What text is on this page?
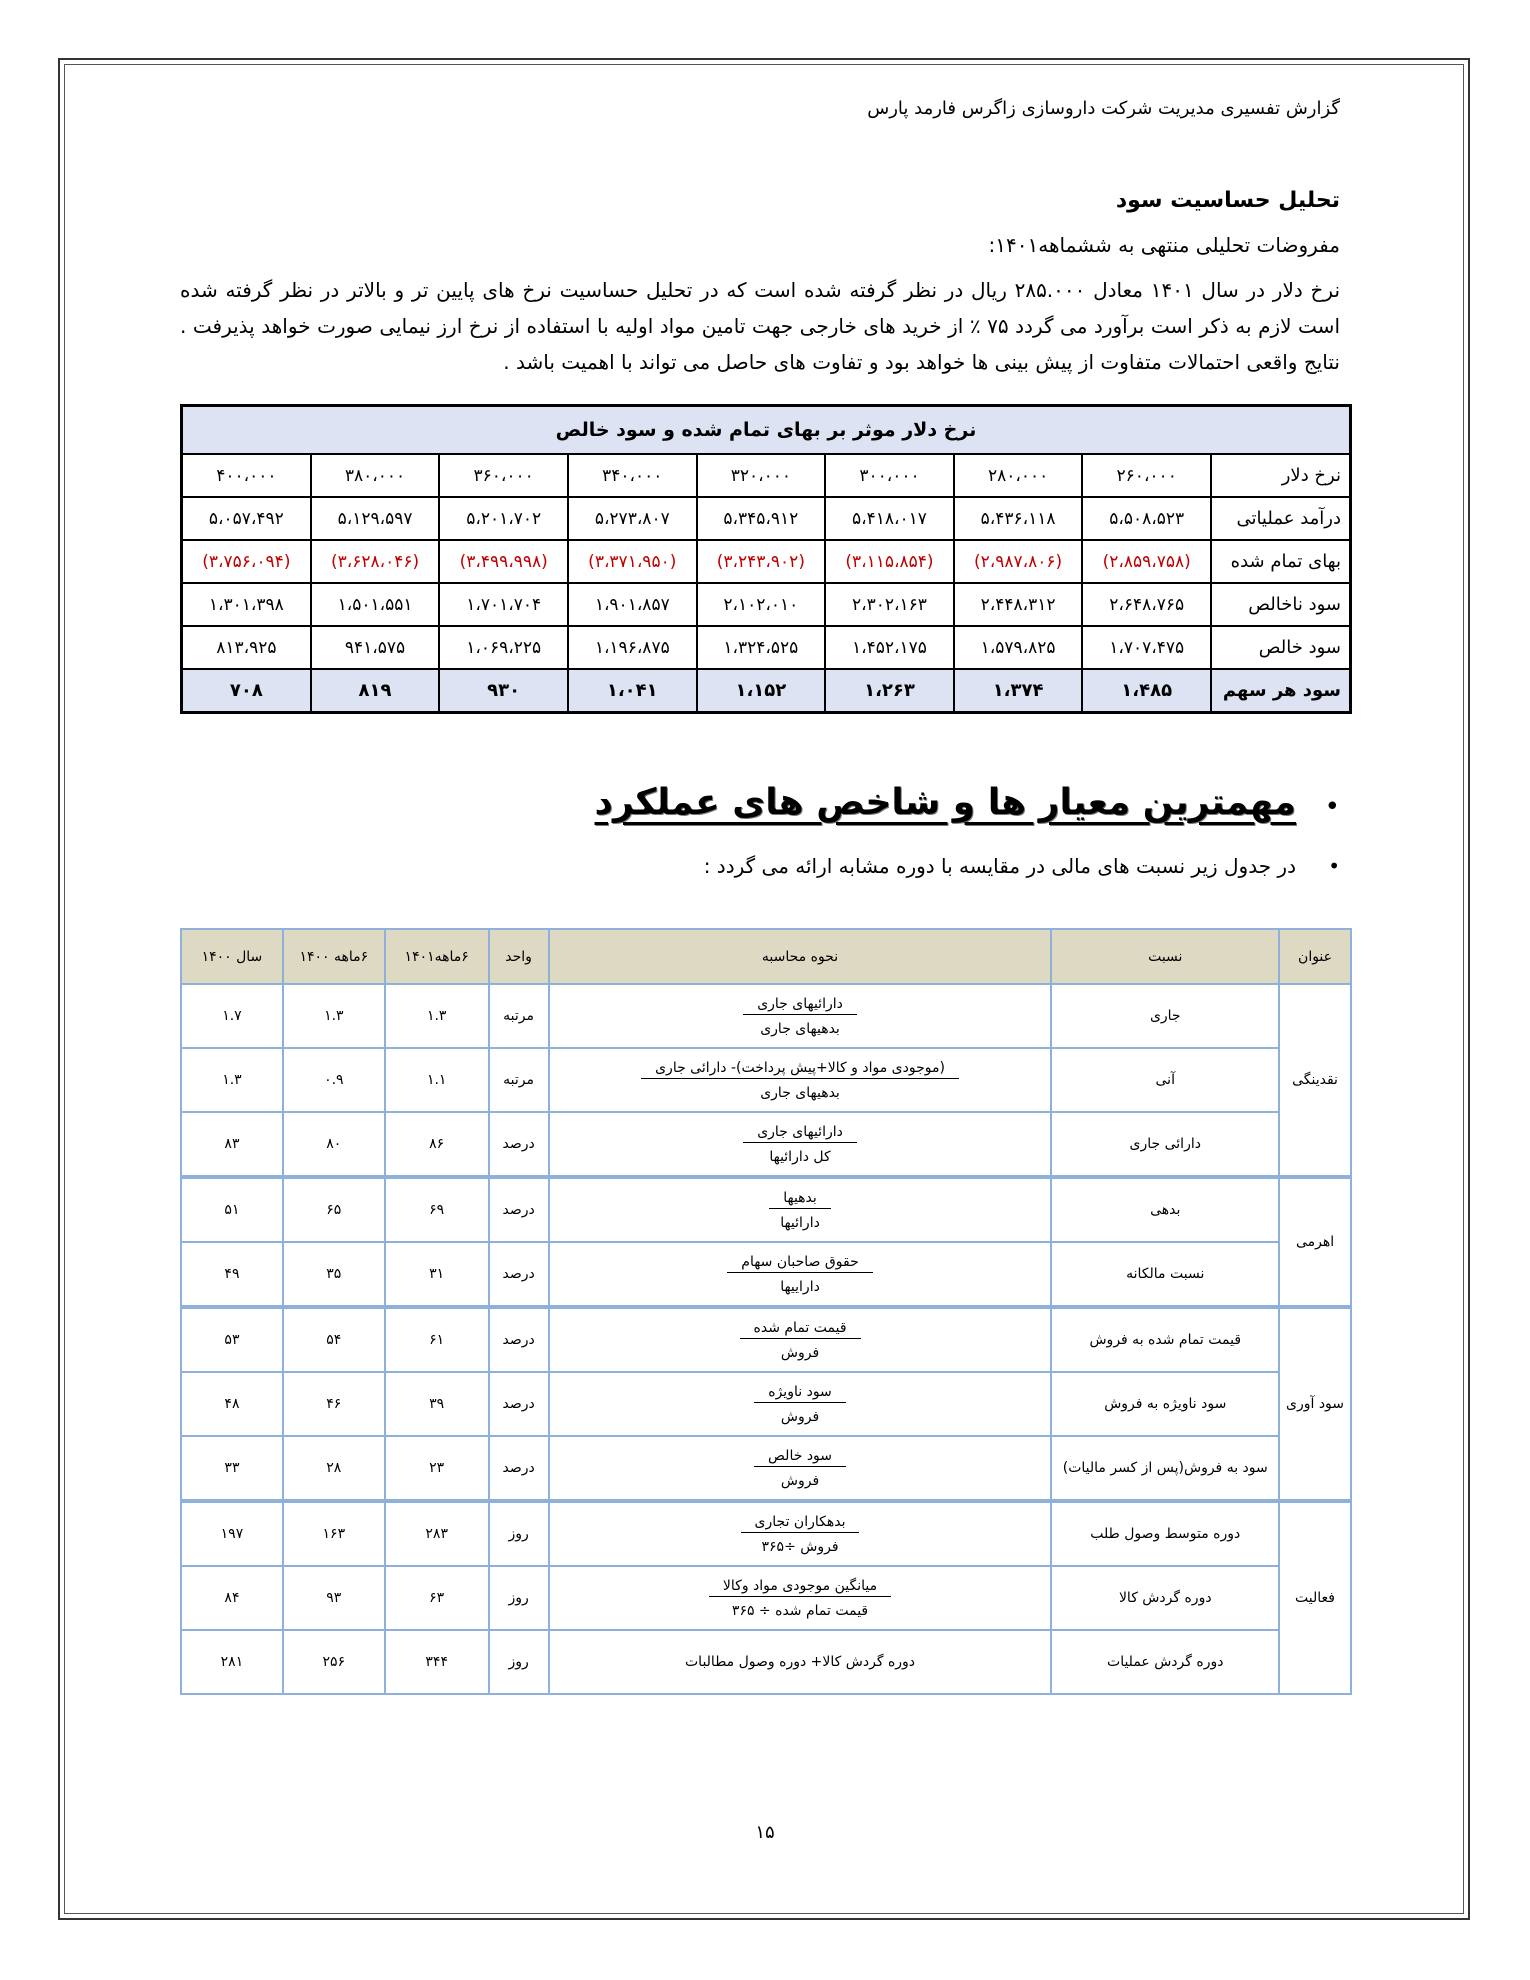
گزارش تفسیری مدیریت شرکت داروسازی زاگرس فارمد پارس
تحلیل حساسیت سود
مفروضات تحلیلی منتهی به ششماهه۱۴۰۱:
نرخ دلار در سال ۱۴۰۱ معادل ۲۸۵.۰۰۰ ریال در نظر گرفته شده است که در تحلیل حساسیت نرخ های پایین تر و بالاتر در نظر گرفته شده است لازم به ذکر است برآورد می گردد ۷۵ ٪ از خرید های خارجی جهت تامین مواد اولیه با استفاده از نرخ ارز نیمایی صورت خواهد پذیرفت . نتایج واقعی احتمالات متفاوت از پیش بینی ها خواهد بود و تفاوت های حاصل می تواند با اهمیت باشد .
نرخ دلار موثر بر بهای تمام شده و سود خالص								
نرخ دلار	۲۶۰،۰۰۰	۲۸۰،۰۰۰	۳۰۰،۰۰۰	۳۲۰،۰۰۰	۳۴۰،۰۰۰	۳۶۰،۰۰۰	۳۸۰،۰۰۰	۴۰۰،۰۰۰
درآمد عملیاتی	۵،۵۰۸،۵۲۳	۵،۴۳۶،۱۱۸	۵،۴۱۸،۰۱۷	۵،۳۴۵،۹۱۲	۵،۲۷۳،۸۰۷	۵،۲۰۱،۷۰۲	۵،۱۲۹،۵۹۷	۵،۰۵۷،۴۹۲
بهای تمام شده	(۲،۸۵۹،۷۵۸)	(۲،۹۸۷،۸۰۶)	(۳،۱۱۵،۸۵۴)	(۳،۲۴۳،۹۰۲)	(۳،۳۷۱،۹۵۰)	(۳،۴۹۹،۹۹۸)	(۳،۶۲۸،۰۴۶)	(۳،۷۵۶،۰۹۴)
سود ناخالص	۲،۶۴۸،۷۶۵	۲،۴۴۸،۳۱۲	۲،۳۰۲،۱۶۳	۲،۱۰۲،۰۱۰	۱،۹۰۱،۸۵۷	۱،۷۰۱،۷۰۴	۱،۵۰۱،۵۵۱	۱،۳۰۱،۳۹۸
سود خالص	۱،۷۰۷،۴۷۵	۱،۵۷۹،۸۲۵	۱،۴۵۲،۱۷۵	۱،۳۲۴،۵۲۵	۱،۱۹۶،۸۷۵	۱،۰۶۹،۲۲۵	۹۴۱،۵۷۵	۸۱۳،۹۲۵
سود هر سهم	۱،۴۸۵	۱،۳۷۴	۱،۲۶۳	۱،۱۵۲	۱،۰۴۱	۹۳۰	۸۱۹	۷۰۸
•
مهمترین معیار ها و شاخص های عملکرد
•
در جدول زیر نسبت های مالی در مقایسه با دوره مشابه ارائه می گردد :
عنوان	نسبت	نحوه محاسبه	واحد	۶ماهه۱۴۰۱	۶ماهه ۱۴۰۰	سال ۱۴۰۰
نقدینگی	جاری	$\frac{\text{دارائیهای جاری}}{\text{بدهیهای جاری}}$	مرتبه	۱.۳	۱.۳	۱.۷
	آنی	$\frac{\text{(موجودی مواد و کالا+پیش پرداخت)- دارائی جاری}}{\text{بدهیهای جاری}}$	مرتبه	۱.۱	۰.۹	۱.۳
	دارائی جاری	$\frac{\text{دارائیهای جاری}}{\text{کل دارائیها}}$	درصد	۸۶	۸۰	۸۳
اهرمی	بدهی	$\frac{\text{بدهیها}}{\text{دارائیها}}$	درصد	۶۹	۶۵	۵۱
	نسبت مالکانه	$\frac{\text{حقوق صاحبان سهام}}{\text{داراییها}}$	درصد	۳۱	۳۵	۴۹
سود آوری	قیمت تمام شده به فروش	$\frac{\text{قیمت تمام شده}}{\text{فروش}}$	درصد	۶۱	۵۴	۵۳
	سود ناویژه به فروش	$\frac{\text{سود ناویژه}}{\text{فروش}}$	درصد	۳۹	۴۶	۴۸
	سود به فروش(پس از کسر مالیات)	$\frac{\text{سود خالص}}{\text{فروش}}$	درصد	۲۳	۲۸	۳۳
فعالیت	دوره متوسط وصول طلب	$\frac{\text{بدهکاران تجاری}}{\text{فروش ÷۳۶۵}}$	روز	۲۸۳	۱۶۳	۱۹۷
	دوره گردش کالا	$\frac{\text{میانگین موجودی مواد وکالا}}{\text{قیمت تمام شده ÷ ۳۶۵}}$	روز	۶۳	۹۳	۸۴
	دوره گردش عملیات	دوره گردش کالا+ دوره وصول مطالبات	روز	۳۴۴	۲۵۶	۲۸۱
۱۵
